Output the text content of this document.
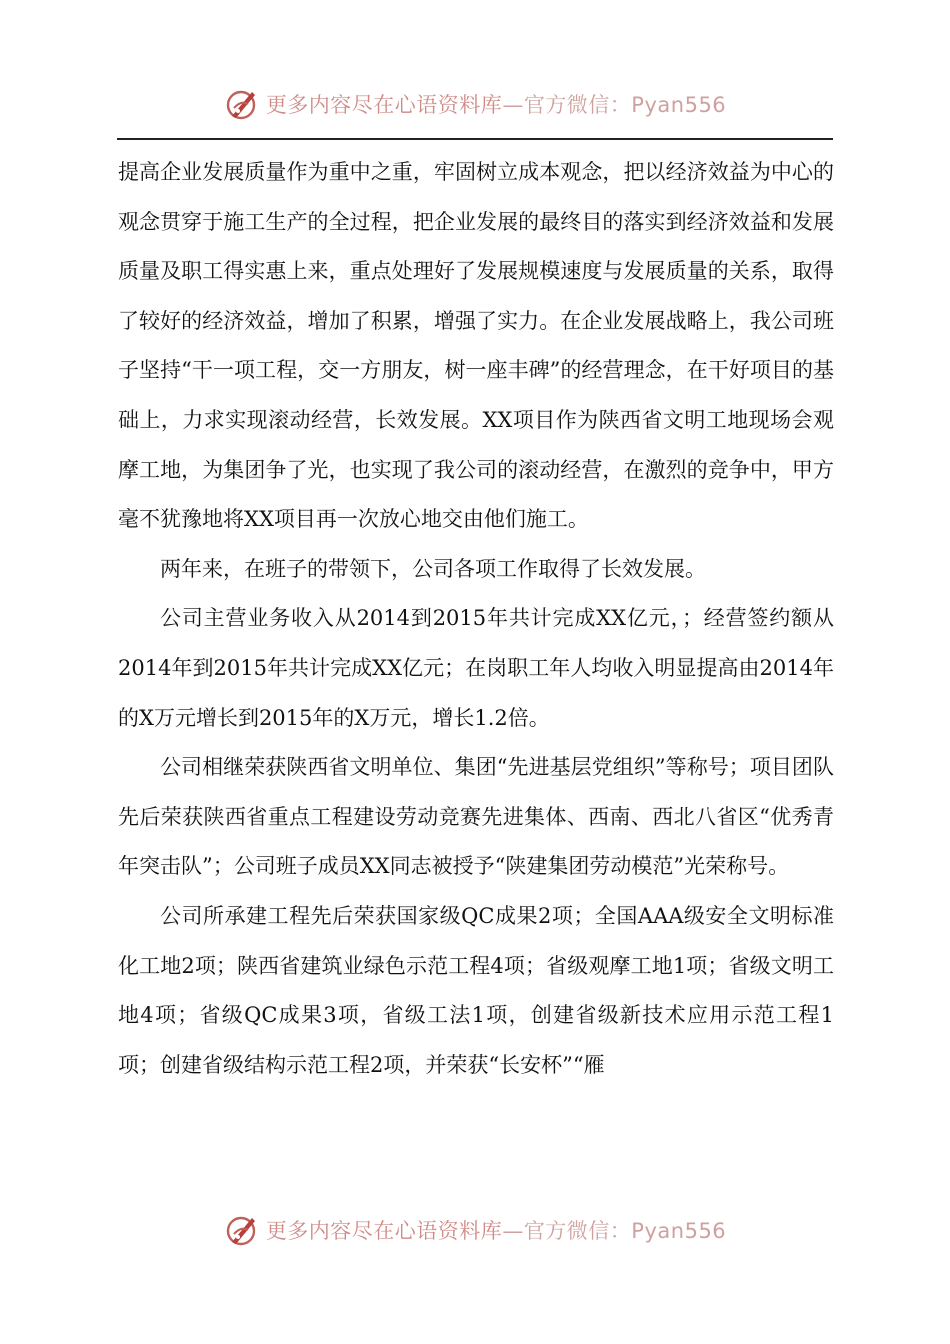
更多内容尽在心语资料库—官方微信：Pyan556

提高企业发展质量作为重中之重，牢固树立成本观念，把以经济效益为中心的观念贯穿于施工生产的全过程，把企业发展的最终目的落实到经济效益和发展质量及职工得实惠上来，重点处理好了发展规模速度与发展质量的关系，取得了较好的经济效益，增加了积累，增强了实力。在企业发展战略上，我公司班子坚持“干一项工程，交一方朋友，树一座丰碑”的经营理念，在干好项目的基础上，力求实现滚动经营，长效发展。XX项目作为陕西省文明工地现场会观摩工地，为集团争了光，也实现了我公司的滚动经营，在激烈的竞争中，甲方毫不犹豫地将XX项目再一次放心地交由他们施工。

两年来，在班子的带领下，公司各项工作取得了长效发展。

公司主营业务收入从2014到2015年共计完成XX亿元，；经营签约额从2014年到2015年共计完成XX亿元；在岗职工年人均收入明显提高由2014年的X万元增长到2015年的X万元，增长1.2倍。

公司相继荣获陕西省文明单位、集团“先进基层党组织”等称号；项目团队先后荣获陕西省重点工程建设劳动竞赛先进集体、西南、西北八省区“优秀青年突击队”；公司班子成员XX同志被授予“陕建集团劳动模范”光荣称号。

公司所承建工程先后荣获国家级QC成果2项；全国AAA级安全文明标准化工地2项；陕西省建筑业绿色示范工程4项；省级观摩工地1项；省级文明工地4项；省级QC成果3项，省级工法1项，创建省级新技术应用示范工程1项；创建省级结构示范工程2项，并荣获“长安杯”“雁

更多内容尽在心语资料库—官方微信：Pyan556
